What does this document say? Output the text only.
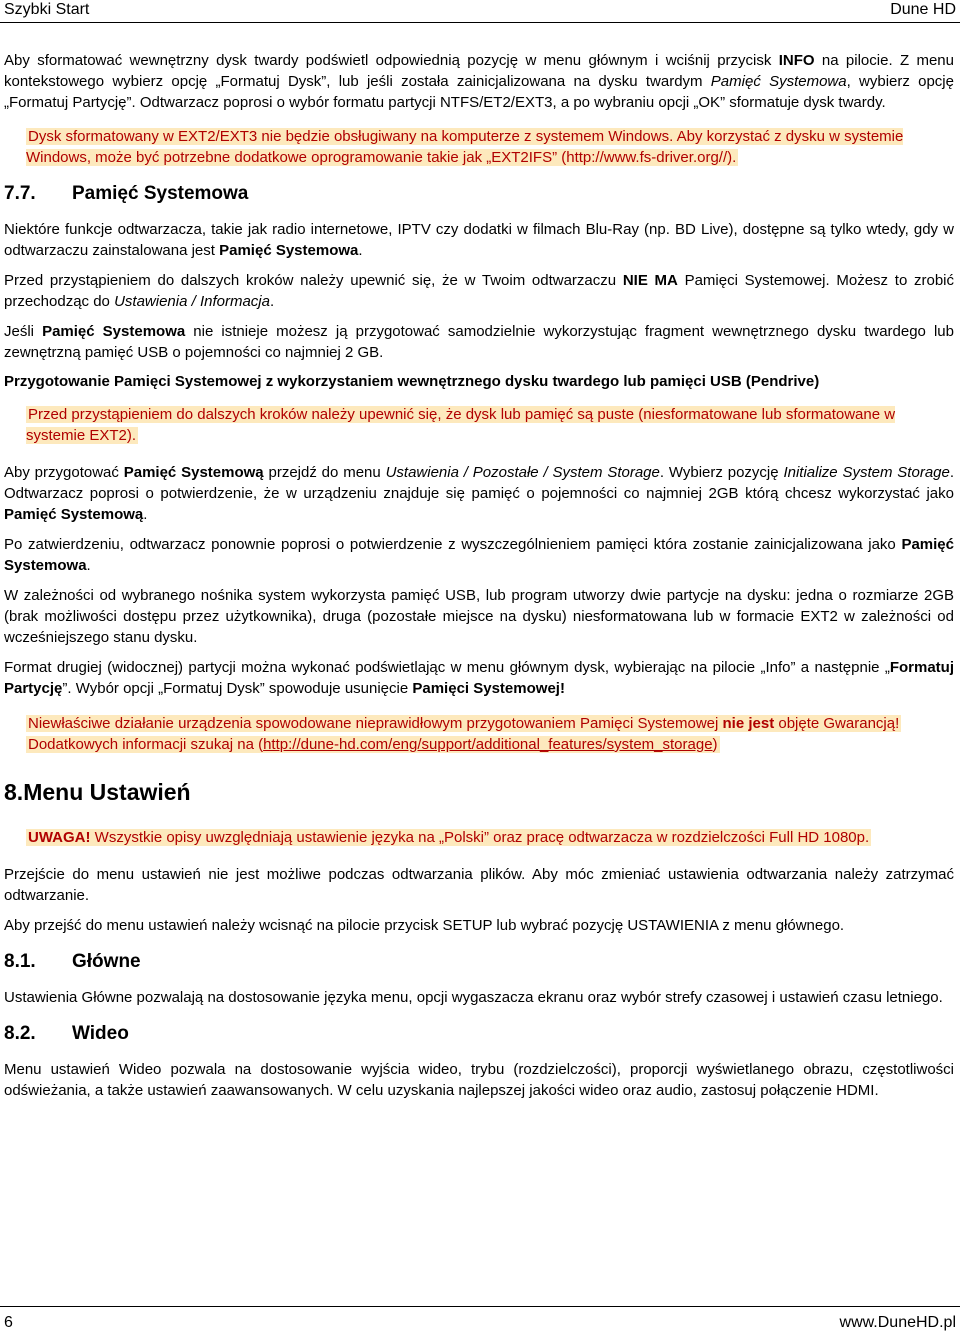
Szybki Start	Dune HD

Aby sformatować wewnętrzny dysk twardy podświetl odpowiednią pozycję w menu głównym i wciśnij przycisk INFO na pilocie. Z menu kontekstowego wybierz opcję „Formatuj Dysk”, lub jeśli została zainicjalizowana na dysku twardym Pamięć Systemowa, wybierz opcję „Formatuj Partycję”. Odtwarzacz poprosi o wybór formatu partycji NTFS/ET2/EXT3, a po wybraniu opcji „OK” sformatuje dysk twardy.

Dysk sformatowany w EXT2/EXT3 nie będzie obsługiwany na komputerze z systemem Windows. Aby korzystać z dysku w systemie Windows, może być potrzebne dodatkowe oprogramowanie takie jak „EXT2IFS” (http://www.fs-driver.org//).
7.7. Pamięć Systemowa

Niektóre funkcje odtwarzacza, takie jak radio internetowe, IPTV czy dodatki w filmach Blu-Ray (np. BD Live), dostępne są tylko wtedy, gdy w odtwarzaczu zainstalowana jest Pamięć Systemowa.

Przed przystąpieniem do dalszych kroków należy upewnić się, że w Twoim odtwarzaczu NIE MA Pamięci Systemowej. Możesz to zrobić przechodząc do Ustawienia / Informacja.

Jeśli Pamięć Systemowa nie istnieje możesz ją przygotować samodzielnie wykorzystując fragment wewnętrznego dysku twardego lub zewnętrzną pamięć USB o pojemności co najmniej 2 GB.

Przygotowanie Pamięci Systemowej z wykorzystaniem wewnętrznego dysku twardego lub pamięci USB (Pendrive)
Przed przystąpieniem do dalszych kroków należy upewnić się, że dysk lub pamięć są puste (niesformatowane lub sformatowane w systemie EXT2).

Aby przygotować Pamięć Systemową przejdź do menu Ustawienia / Pozostałe / System Storage. Wybierz pozycję Initialize System Storage. Odtwarzacz poprosi o potwierdzenie, że w urządzeniu znajduje się pamięć o pojemności co najmniej 2GB którą chcesz wykorzystać jako Pamięć Systemową.

Po zatwierdzeniu, odtwarzacz ponownie poprosi o potwierdzenie z wyszczególnieniem pamięci która zostanie zainicjalizowana jako Pamięć Systemowa.

W zależności od wybranego nośnika system wykorzysta pamięć USB, lub program utworzy dwie partycje na dysku: jedna o rozmiarze 2GB (brak możliwości dostępu przez użytkownika), druga (pozostałe miejsce na dysku) niesformatowana lub w formacie EXT2 w zależności od wcześniejszego stanu dysku.

Format drugiej (widocznej) partycji można wykonać podświetlając w menu głównym dysk, wybierając na pilocie „Info” a następnie „Formatuj Partycję”. Wybór opcji „Formatuj Dysk” spowoduje usunięcie Pamięci Systemowej!

Niewłaściwe działanie urządzenia spowodowane nieprawidłowym przygotowaniem Pamięci Systemowej nie jest objęte Gwarancją!
Dodatkowych informacji szukaj na (http://dune-hd.com/eng/support/additional_features/system_storage)
8.Menu Ustawień
UWAGA! Wszystkie opisy uwzględniają ustawienie języka na „Polski” oraz pracę odtwarzacza w rozdzielczości Full HD 1080p.

Przejście do menu ustawień nie jest możliwe podczas odtwarzania plików. Aby móc zmieniać ustawienia odtwarzania należy zatrzymać odtwarzanie.

Aby przejść do menu ustawień należy wcisnąć na pilocie przycisk SETUP lub wybrać pozycję USTAWIENIA z menu głównego.

8.1. Główne

Ustawienia Główne pozwalają na dostosowanie języka menu, opcji wygaszacza ekranu oraz wybór strefy czasowej i ustawień czasu letniego.

8.2. Wideo

Menu ustawień Wideo pozwala na dostosowanie wyjścia wideo, trybu (rozdzielczości), proporcji wyświetlanego obrazu, częstotliwości odświeżania, a także ustawień zaawansowanych. W celu uzyskania najlepszej jakości wideo oraz audio, zastosuj połączenie HDMI.

6	www.DuneHD.pl
